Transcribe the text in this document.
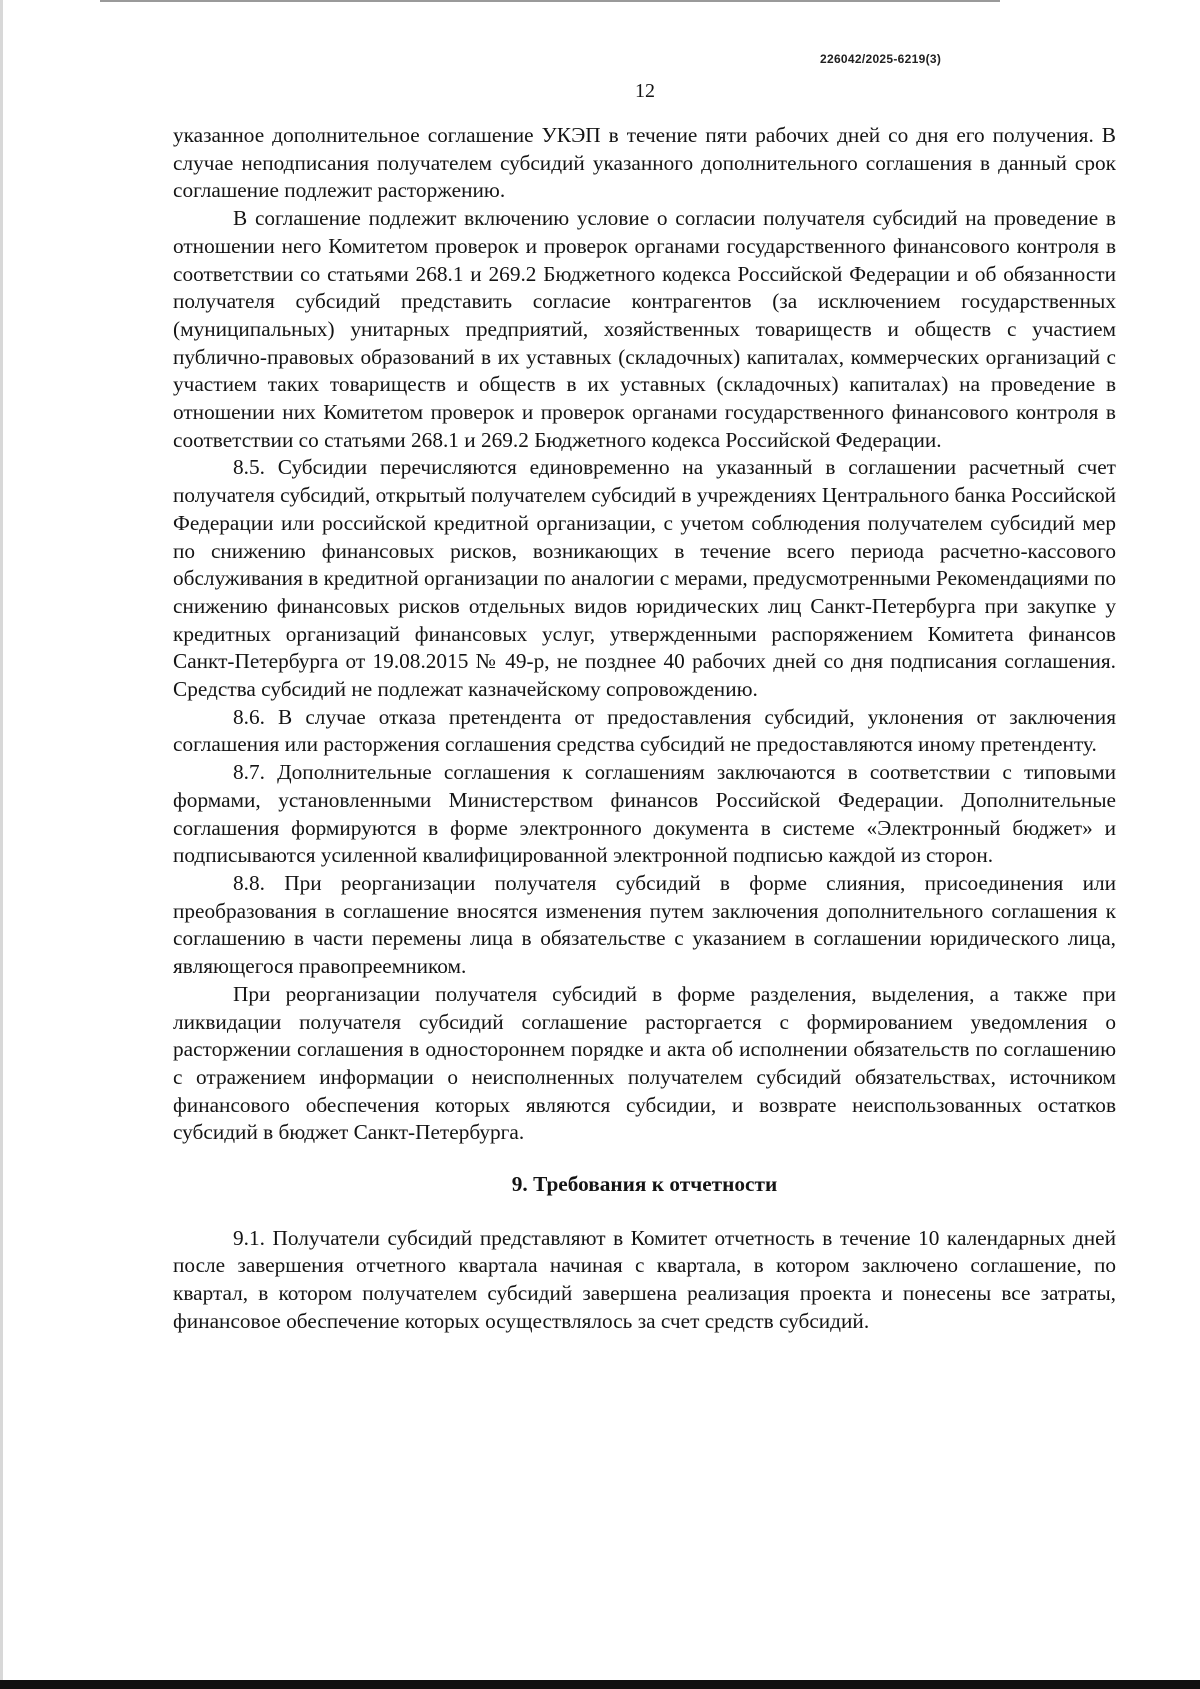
226042/2025-6219(3)
12

указанное дополнительное соглашение УКЭП в течение пяти рабочих дней со дня его получения. В случае неподписания получателем субсидий указанного дополнительного соглашения в данный срок соглашение подлежит расторжению.

В соглашение подлежит включению условие о согласии получателя субсидий на проведение в отношении него Комитетом проверок и проверок органами государственного финансового контроля в соответствии со статьями 268.1 и 269.2 Бюджетного кодекса Российской Федерации и об обязанности получателя субсидий представить согласие контрагентов (за исключением государственных (муниципальных) унитарных предприятий, хозяйственных товариществ и обществ с участием публично-правовых образований в их уставных (складочных) капиталах, коммерческих организаций с участием таких товариществ и обществ в их уставных (складочных) капиталах) на проведение в отношении них Комитетом проверок и проверок органами государственного финансового контроля в соответствии со статьями 268.1 и 269.2 Бюджетного кодекса Российской Федерации.

8.5. Субсидии перечисляются единовременно на указанный в соглашении расчетный счет получателя субсидий, открытый получателем субсидий в учреждениях Центрального банка Российской Федерации или российской кредитной организации, с учетом соблюдения получателем субсидий мер по снижению финансовых рисков, возникающих в течение всего периода расчетно-кассового обслуживания в кредитной организации по аналогии с мерами, предусмотренными Рекомендациями по снижению финансовых рисков отдельных видов юридических лиц Санкт-Петербурга при закупке у кредитных организаций финансовых услуг, утвержденными распоряжением Комитета финансов Санкт-Петербурга от 19.08.2015 № 49-р, не позднее 40 рабочих дней со дня подписания соглашения. Средства субсидий не подлежат казначейскому сопровождению.

8.6. В случае отказа претендента от предоставления субсидий, уклонения от заключения соглашения или расторжения соглашения средства субсидий не предоставляются иному претенденту.

8.7. Дополнительные соглашения к соглашениям заключаются в соответствии с типовыми формами, установленными Министерством финансов Российской Федерации. Дополнительные соглашения формируются в форме электронного документа в системе «Электронный бюджет» и подписываются усиленной квалифицированной электронной подписью каждой из сторон.

8.8. При реорганизации получателя субсидий в форме слияния, присоединения или преобразования в соглашение вносятся изменения путем заключения дополнительного соглашения к соглашению в части перемены лица в обязательстве с указанием в соглашении юридического лица, являющегося правопреемником.

При реорганизации получателя субсидий в форме разделения, выделения, а также при ликвидации получателя субсидий соглашение расторгается с формированием уведомления о расторжении соглашения в одностороннем порядке и акта об исполнении обязательств по соглашению с отражением информации о неисполненных получателем субсидий обязательствах, источником финансового обеспечения которых являются субсидии, и возврате неиспользованных остатков субсидий в бюджет Санкт-Петербурга.

9. Требования к отчетности

9.1. Получатели субсидий представляют в Комитет отчетность в течение 10 календарных дней после завершения отчетного квартала начиная с квартала, в котором заключено соглашение, по квартал, в котором получателем субсидий завершена реализация проекта и понесены все затраты, финансовое обеспечение которых осуществлялось за счет средств субсидий.
